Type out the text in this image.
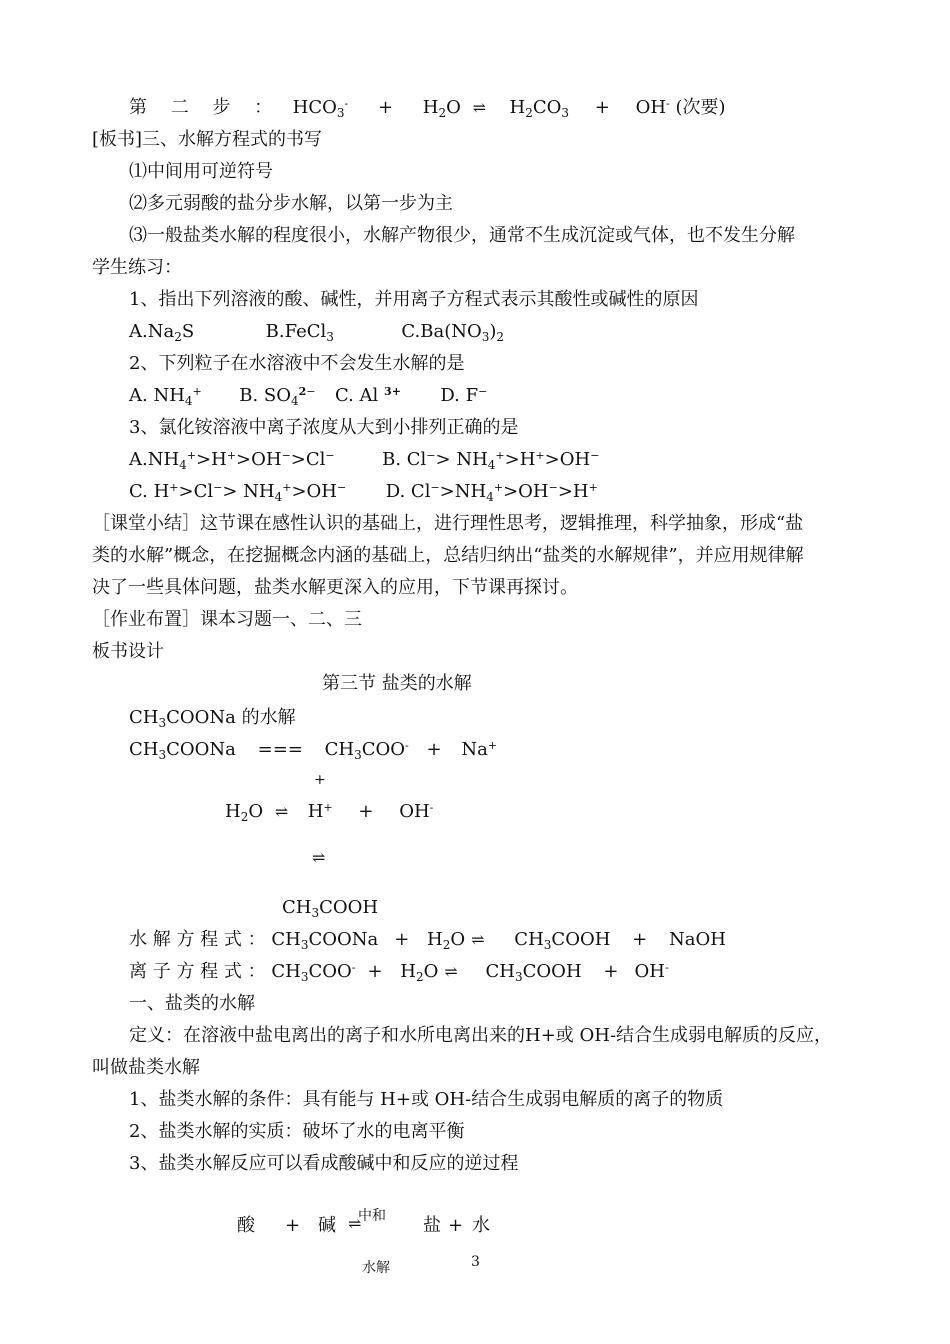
第 二 步 ： $HCO_3^- + H_2O$ ⇌ $H_2CO_3 + OH^-$ (次要)
[板书]三、水解方程式的书写
⑴中间用可逆符号
⑵多元弱酸的盐分步水解，以第一步为主
⑶一般盐类水解的程度很小，水解产物很少，通常不生成沉淀或气体，也不发生分解
学生练习：
1、指出下列溶液的酸、碱性，并用离子方程式表示其酸性或碱性的原因
$A.Na_2S$	B.FeCl$_3$	$C.Ba(NO_3)_2$
2、下列粒子在水溶液中不会发生水解的是
A. $NH_4^+$ B. $SO_4^{2-}$ C. Al $^{3+}$ D. F−
3、氯化铵溶液中离子浓度从大到小排列正确的是
$A.NH_4^+>H^+>OH^->Cl^-$  B. $Cl^-> NH_4^+>H^+>OH^-$
C. $H^+>Cl^-> NH_4^+>OH^-$  D. $Cl^->NH_4^+>OH^->H^+$
［课堂小结］这节课在感性认识的基础上，进行理性思考，逻辑推理，科学抽象，形成“盐
类的水解”概念，在挖掘概念内涵的基础上，总结归纳出“盐类的水解规律”，并应用规律解
决了一些具体问题，盐类水解更深入的应用，下节课再探讨。
［作业布置］课本习题一、二、三
板书设计
第三节 盐类的水解
$CH_3COONa$ 的水解
$CH_3COONa$ === $CH_3COO^- + Na^+$
+
$H_2O$ ⇌ H+ + OH-
⇌
$CH_3COOH$
水 解 方 程 式 ： $CH_3COONa + H_2O$ ⇌ $CH_3COOH$ + NaOH
离 子 方 程 式 ： $CH_3COO^- + H_2O$ ⇌ $CH_3COOH + OH^-$
一、盐类的水解
定义：在溶液中盐电离出的离子和水所电离出来的H+或 OH-结合生成弱电解质的反应，
叫做盐类水解
1、盐类水解的条件：具有能与 H+或 OH-结合生成弱电解质的离子的物质
2、盐类水解的实质：破坏了水的电离平衡
3、盐类水解反应可以看成酸碱中和反应的逆过程
酸 + 碱 中和
⇌	盐 + 水
水解	3
